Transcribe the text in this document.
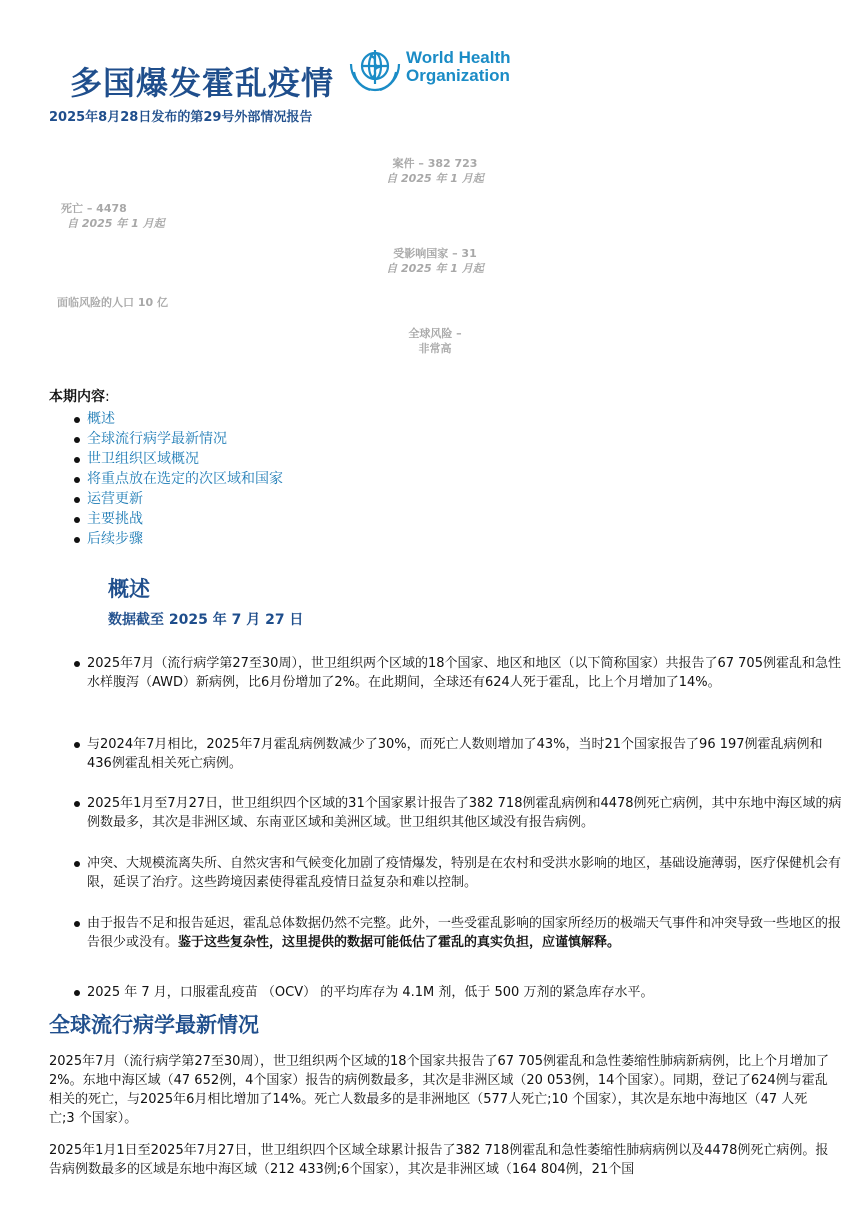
多国爆发霍乱疫情
World Health
Organization
2025年8月28日发布的第29号外部情况报告
案件 – 382 723
自 2025 年 1 月起
死亡 – 4478
自 2025 年 1 月起
受影响国家 – 31
自 2025 年 1 月起
面临风险的人口 10 亿
全球风险 –
非常高
本期内容:
概述
全球流行病学最新情况
世卫组织区域概况
将重点放在选定的次区域和国家
运营更新
主要挑战
后续步骤
概述
数据截至 2025 年 7 月 27 日
2025年7月（流行病学第27至30周），世卫组织两个区域的18个国家、地区和地区（以下简称国家）共报告了67 705例霍乱和急性水样腹泻（AWD）新病例，比6月份增加了2%。在此期间，全球还有624人死于霍乱，比上个月增加了14%。
与2024年7月相比，2025年7月霍乱病例数减少了30%，而死亡人数则增加了43%，当时21个国家报告了96 197例霍乱病例和436例霍乱相关死亡病例。
2025年1月至7月27日，世卫组织四个区域的31个国家累计报告了382 718例霍乱病例和4478例死亡病例，其中东地中海区域的病例数最多，其次是非洲区域、东南亚区域和美洲区域。世卫组织其他区域没有报告病例。
冲突、大规模流离失所、自然灾害和气候变化加剧了疫情爆发，特别是在农村和受洪水影响的地区，基础设施薄弱，医疗保健机会有限，延误了治疗。这些跨境因素使得霍乱疫情日益复杂和难以控制。
由于报告不足和报告延迟，霍乱总体数据仍然不完整。此外，一些受霍乱影响的国家所经历的极端天气事件和冲突导致一些地区的报告很少或没有。鉴于这些复杂性，这里提供的数据可能低估了霍乱的真实负担，应谨慎解释。
2025 年 7 月，口服霍乱疫苗 （OCV） 的平均库存为 4.1M 剂，低于 500 万剂的紧急库存水平。
全球流行病学最新情况
2025年7月（流行病学第27至30周），世卫组织两个区域的18个国家共报告了67 705例霍乱和急性萎缩性肺病新病例，比上个月增加了2%。东地中海区域（47 652例，4个国家）报告的病例数最多，其次是非洲区域（20 053例，14个国家）。同期，登记了624例与霍乱相关的死亡，与2025年6月相比增加了14%。死亡人数最多的是非洲地区（577人死亡;10 个国家），其次是东地中海地区（47 人死亡;3 个国家）。
2025年1月1日至2025年7月27日，世卫组织四个区域全球累计报告了382 718例霍乱和急性萎缩性肺病病例以及4478例死亡病例。报告病例数最多的区域是东地中海区域（212 433例;6个国家），其次是非洲区域（164 804例，21个国
